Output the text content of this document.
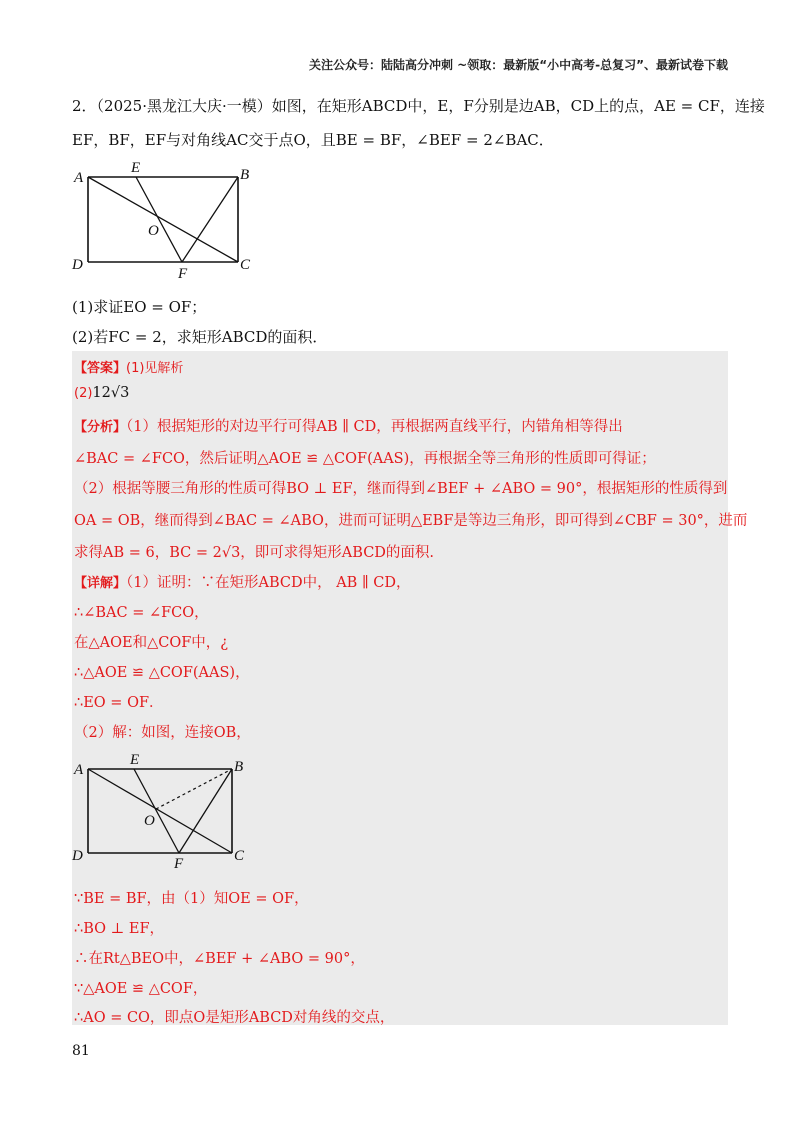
关注公众号：陆陆高分冲刺 ~领取：最新版“小中高考-总复习”、最新试卷下载
2．（2025·黑龙江大庆·一模）如图，在矩形ABCD中，E，F分别是边AB，CD上的点，AE = CF，连接
EF，BF，EF与对角线AC交于点O，且BE = BF，∠BEF = 2∠BAC．
A
E	B
O
D
F
C
(1)求证EO = OF；
(2)若FC = 2，求矩形ABCD的面积．
【答案】(1)见解析
(2)12√3
【分析】（1）根据矩形的对边平行可得AB ∥ CD，再根据两直线平行，内错角相等得出
∠BAC = ∠FCO，然后证明△AOE ≌ △COF(AAS)，再根据全等三角形的性质即可得证；
（2）根据等腰三角形的性质可得BO ⊥ EF，继而得到∠BEF + ∠ABO = 90°，根据矩形的性质得到
OA = OB，继而得到∠BAC = ∠ABO，进而可证明△EBF是等边三角形，即可得到∠CBF = 30°，进而
求得AB = 6，BC = 2√3，即可求得矩形ABCD的面积.
【详解】（1）证明：∵在矩形ABCD中， AB ∥ CD，
∴∠BAC = ∠FCO，
在△AOE和△COF中，¿
∴△AOE ≌ △COF(AAS)，
∴EO = OF．
（2）解：如图，连接OB，
A
E	B
O
D	F	C
∵BE = BF，由（1）知OE = OF，
∴BO ⊥ EF，
∴在Rt△BEO中，∠BEF + ∠ABO = 90°，
∵△AOE ≌ △COF，
∴AO = CO，即点O是矩形ABCD对角线的交点，
81
